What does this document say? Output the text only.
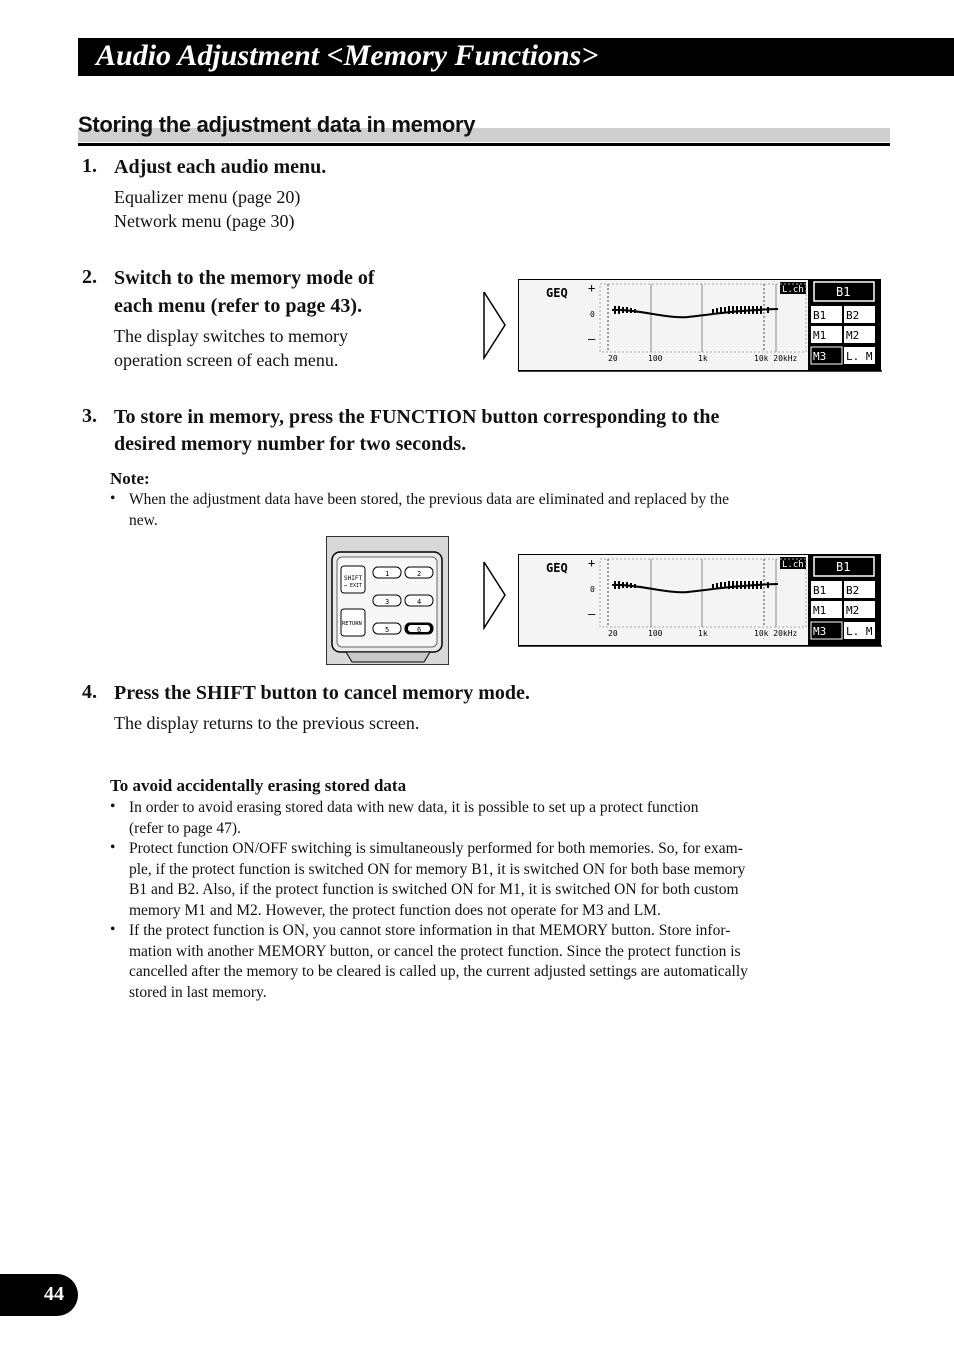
Audio Adjustment <Memory Functions>
Storing the adjustment data in memory
1. Adjust each audio menu.
Equalizer menu (page 20)
Network menu (page 30)
2. Switch to the memory mode of
each menu (refer to page 43).
The display switches to memory
operation screen of each menu.
GEQ +
0
–
L.ch
20	100	1k	10k 20kHz
B1
B1 B2
M1 M2
M3 L. M
3. To store in memory, press the FUNCTION button corresponding to the
desired memory number for two seconds.
Note:
• When the adjustment data have been stored, the previous data are eliminated and replaced by the
new.
SHIFT
↔ EXIT
RETURN
1	2
3	4
5	6
GEQ +
0
–
L.ch
20	100	1k	10k 20kHz
B1
B1 B2
M1 M2
M3 L. M
4. Press the SHIFT button to cancel memory mode.
The display returns to the previous screen.
To avoid accidentally erasing stored data
• In order to avoid erasing stored data with new data, it is possible to set up a protect function
(refer to page 47).
• Protect function ON/OFF switching is simultaneously performed for both memories. So, for exam-
ple, if the protect function is switched ON for memory B1, it is switched ON for both base memory
B1 and B2. Also, if the protect function is switched ON for M1, it is switched ON for both custom
memory M1 and M2. However, the protect function does not operate for M3 and LM.
• If the protect function is ON, you cannot store information in that MEMORY button. Store infor-
mation with another MEMORY button, or cancel the protect function. Since the protect function is
cancelled after the memory to be cleared is called up, the current adjusted settings are automatically
stored in last memory.
44
